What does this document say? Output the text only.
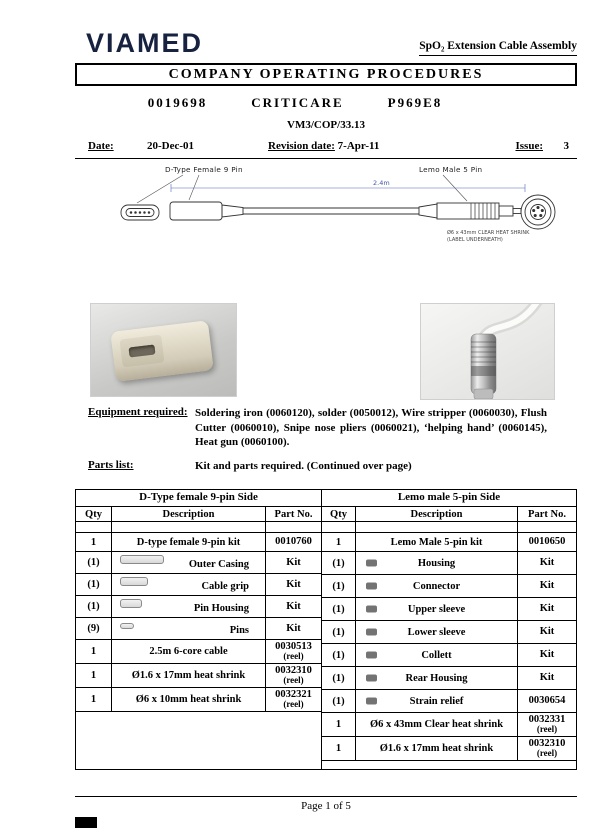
VIAMED	SpO₂ Extension Cable Assembly
COMPANY OPERATING PROCEDURES
0019698	CRITICARE	P969E8
VM3/COP/33.13
Date:	20-Dec-01	Revision date: 7-Apr-11	Issue: 3
D-Type Female 9 Pin	Lemo Male 5 Pin
2.4m
Ø6 x 43mm CLEAR HEAT SHRINK
(LABEL UNDERNEATH)
Equipment required: Soldering iron (0060120), solder (0050012), Wire stripper (0060030), Flush Cutter (0060010), Snipe nose pliers (0060021), ‘helping hand’ (0060145), Heat gun (0060100).
Parts list:	Kit and parts required. (Continued over page)
D-Type female 9-pin Side
Qty	Description	Part No.
1	D-type female 9-pin kit	0010760
(1)	Outer Casing	Kit
(1)	Cable grip	Kit
(1)	Pin Housing	Kit
(9)	Pins	Kit
1	2.5m 6-core cable	0030513
(reel)
1	Ø1.6 x 17mm heat shrink	0032310
(reel)
1	Ø6 x 10mm heat shrink	0032321
(reel)
Lemo male 5-pin Side
Qty	Description	Part No.
1	Lemo Male 5-pin kit	0010650
(1)	Housing	Kit
(1)	Connector	Kit
(1)	Upper sleeve	Kit
(1)	Lower sleeve	Kit
(1)	Collett	Kit
(1)	Rear Housing	Kit
(1)	Strain relief	0030654
1	Ø6 x 43mm Clear heat shrink	0032331
(reel)
1	Ø1.6 x 17mm heat shrink	0032310
(reel)
Page 1 of 5
